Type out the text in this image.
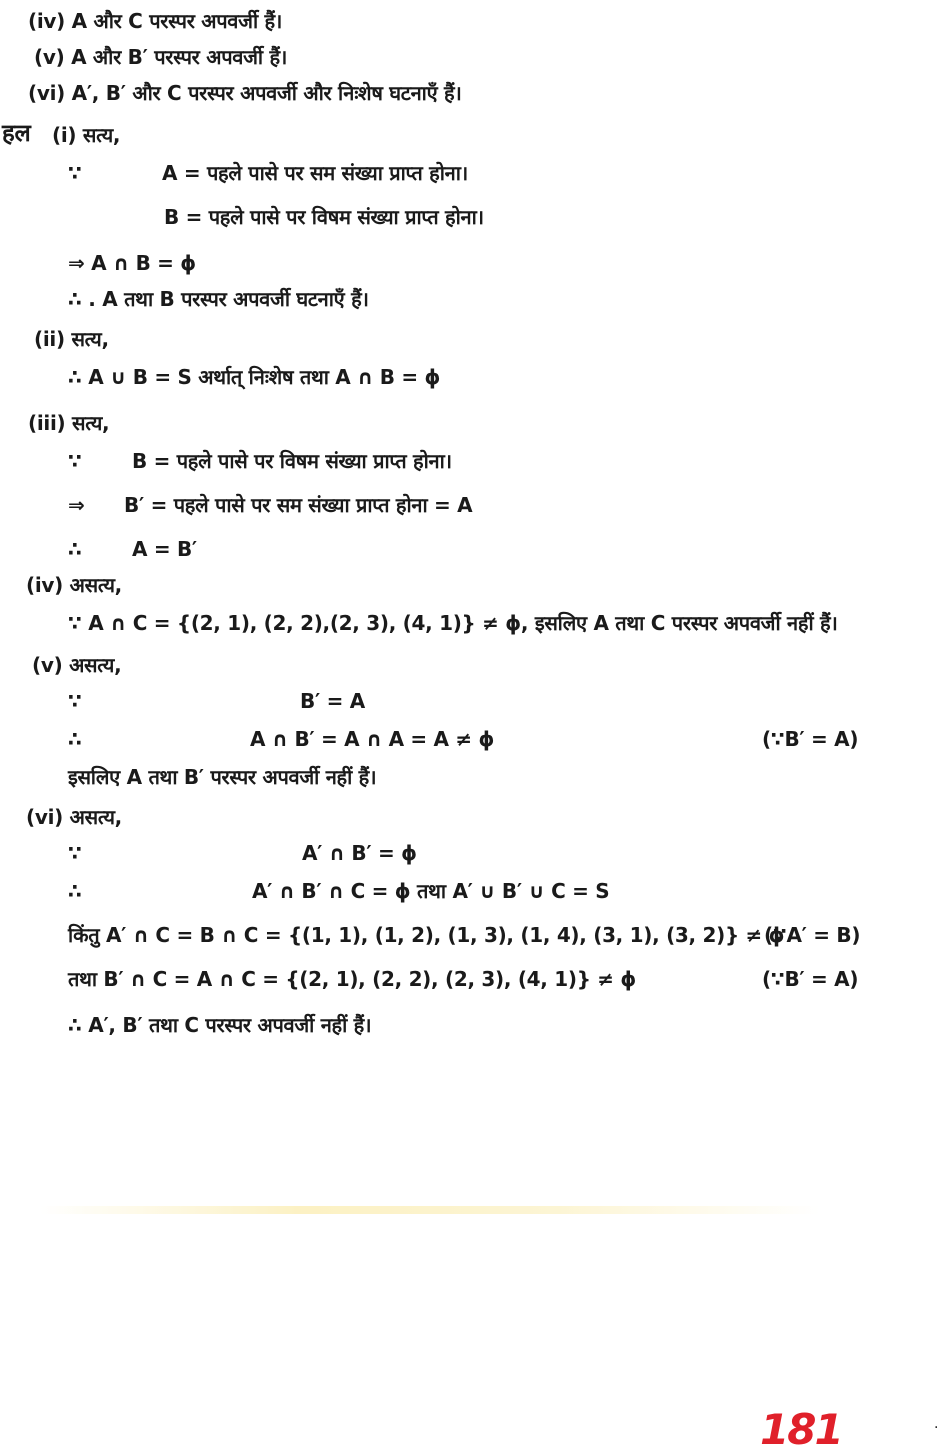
(iv) A और C परस्पर अपवर्जी हैं।
(v) A और B′ परस्पर अपवर्जी हैं।
(vi) A′, B′ और C परस्पर अपवर्जी और निःशेष घटनाएँ हैं।
हल (i) सत्य,
∵	A = पहले पासे पर सम संख्या प्राप्त होना।
B = पहले पासे पर विषम संख्या प्राप्त होना।
⇒ A ∩ B = ϕ
∴ . A तथा B परस्पर अपवर्जी घटनाएँ हैं।
(ii) सत्य,
∴ A ∪ B = S अर्थात् निःशेष तथा A ∩ B = ϕ
(iii) सत्य,
∵	B = पहले पासे पर विषम संख्या प्राप्त होना।
⇒ B′ = पहले पासे पर सम संख्या प्राप्त होना = A
∴	A = B′
(iv) असत्य,
∵ A ∩ C = {(2, 1), (2, 2),(2, 3), (4, 1)} ≠ ϕ, इसलिए A तथा C परस्पर अपवर्जी नहीं हैं।
(v) असत्य,
∵	B′ = A
∴	A ∩ B′ = A ∩ A = A ≠ ϕ	(∵B′ = A)
इसलिए A तथा B′ परस्पर अपवर्जी नहीं हैं।
(vi) असत्य,
∵	A′ ∩ B′ = ϕ
∴	A′ ∩ B′ ∩ C = ϕ तथा A′ ∪ B′ ∪ C = S
किंतु A′ ∩ C = B ∩ C = {(1, 1), (1, 2), (1, 3), (1, 4), (3, 1), (3, 2)} ≠ ϕ
(∵A′ = B)
तथा B′ ∩ C = A ∩ C = {(2, 1), (2, 2), (2, 3), (4, 1)} ≠ ϕ	(∵B′ = A)
∴ A′, B′ तथा C परस्पर अपवर्जी नहीं हैं।
181	·
